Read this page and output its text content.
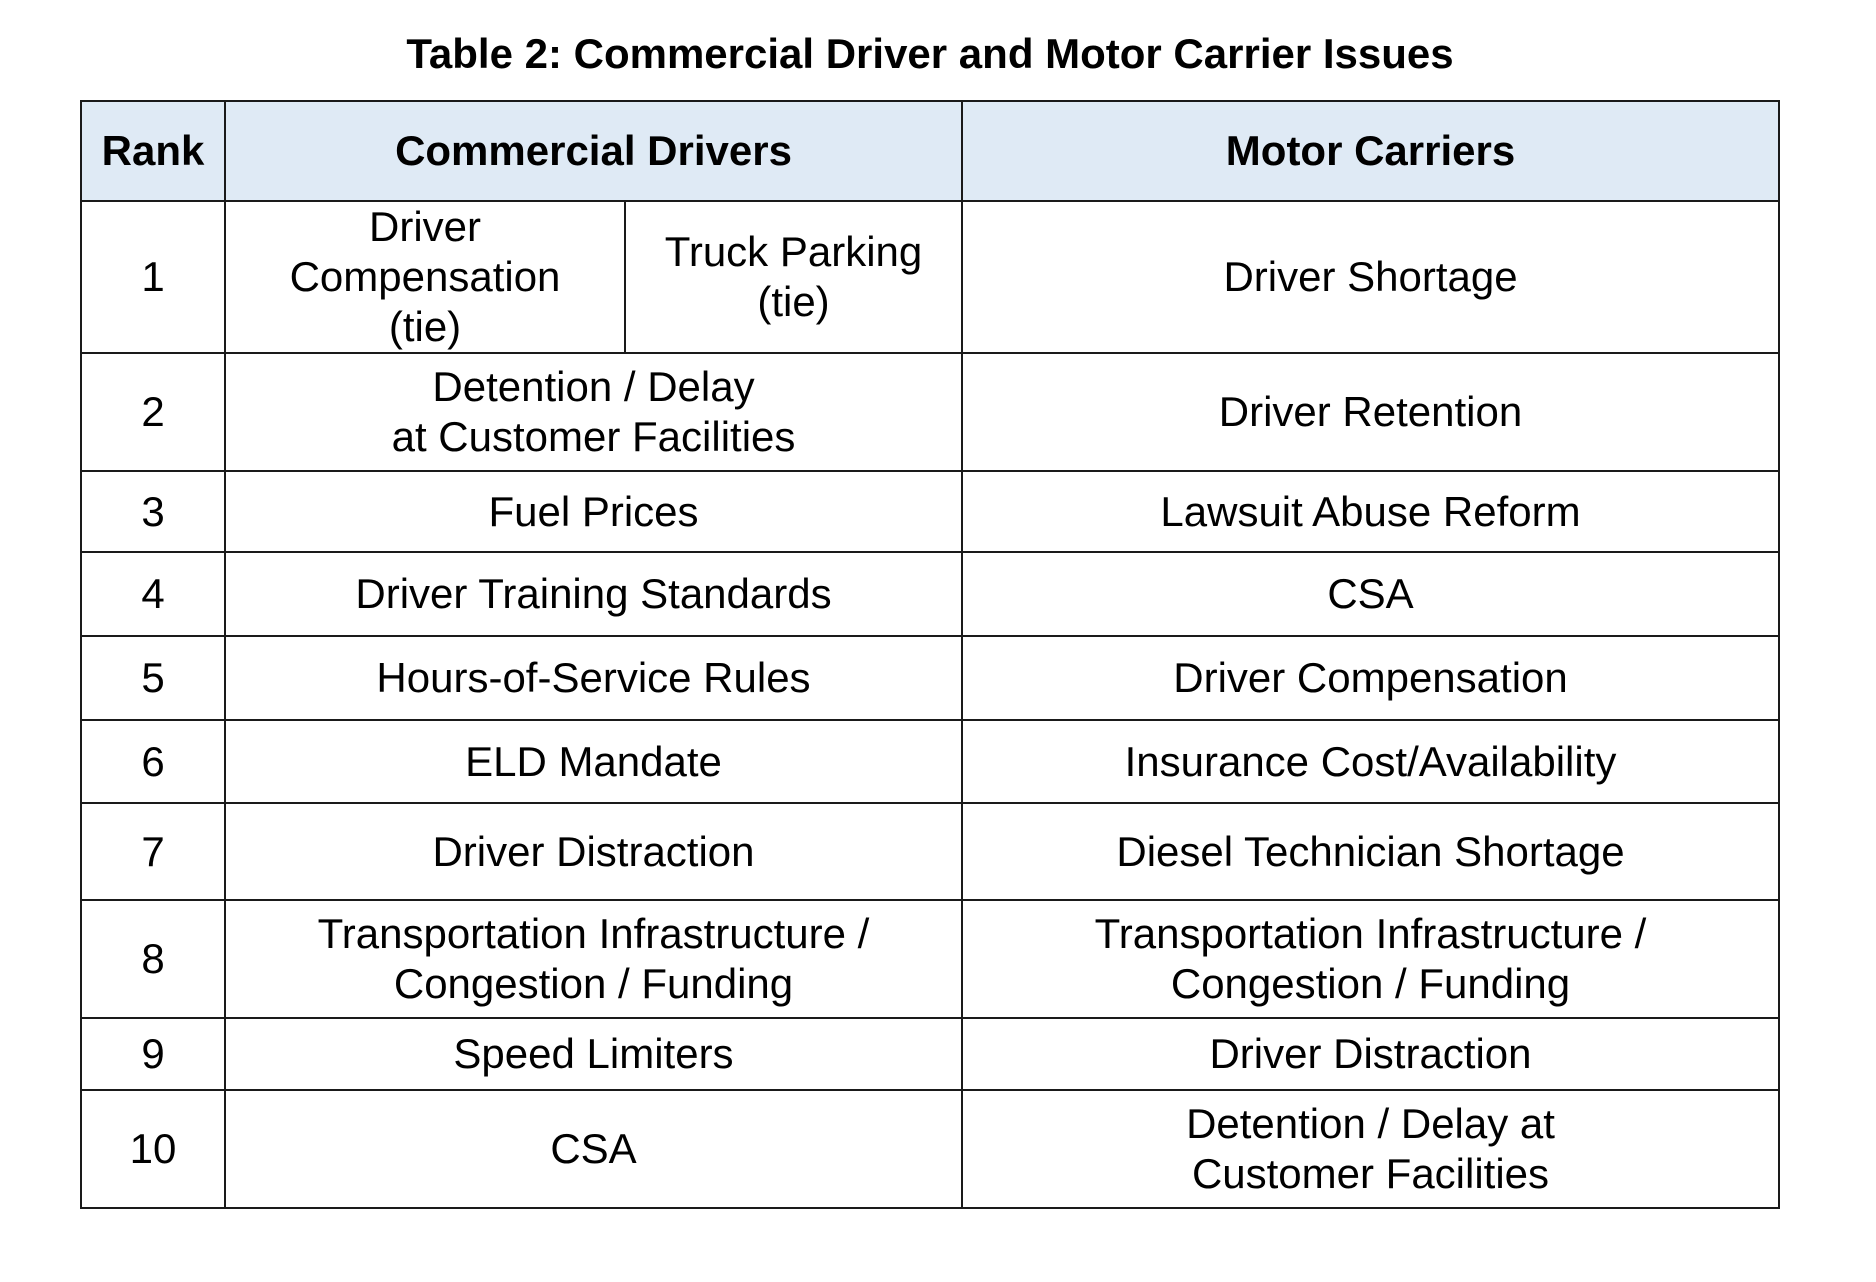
Table 2: Commercial Driver and Motor Carrier Issues
Rank	Commercial Drivers		Motor Carriers
1	Driver
Compensation
(tie)	Truck Parking
(tie)	Driver Shortage
2	Detention / Delay
at Customer Facilities		Driver Retention
3	Fuel Prices		Lawsuit Abuse Reform
4	Driver Training Standards		CSA
5	Hours-of-Service Rules		Driver Compensation
6	ELD Mandate		Insurance Cost/Availability
7	Driver Distraction		Diesel Technician Shortage
8	Transportation Infrastructure /
Congestion / Funding		Transportation Infrastructure /
Congestion / Funding
9	Speed Limiters		Driver Distraction
10	CSA		Detention / Delay at
Customer Facilities
